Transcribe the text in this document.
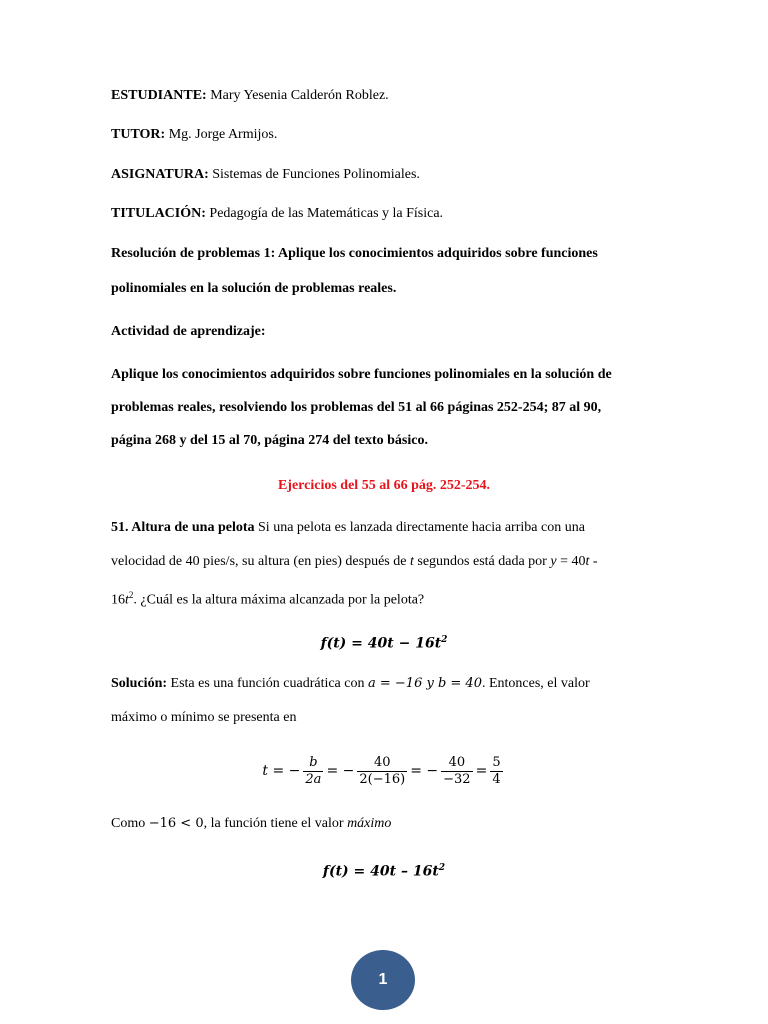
ESTUDIANTE: Mary Yesenia Calderón Roblez.
TUTOR: Mg. Jorge Armijos.
ASIGNATURA: Sistemas de Funciones Polinomiales.
TITULACIÓN: Pedagogía de las Matemáticas y la Física.
Resolución de problemas 1: Aplique los conocimientos adquiridos sobre funciones
polinomiales en la solución de problemas reales.
Actividad de aprendizaje:
Aplique los conocimientos adquiridos sobre funciones polinomiales en la solución de
problemas reales, resolviendo los problemas del 51 al 66 páginas 252-254; 87 al 90,
página 268 y del 15 al 70, página 274 del texto básico.
Ejercicios del 55 al 66 pág. 252-254.
51. Altura de una pelota Si una pelota es lanzada directamente hacia arriba con una
velocidad de 40 pies/s, su altura (en pies) después de t segundos está dada por y = 40t -
$16t^2$. ¿Cuál es la altura máxima alcanzada por la pelota?
$f(t) = 40t - 16t^2$
Solución: Esta es una función cuadrática con a = −16 y b = 40. Entonces, el valor
máximo o mínimo se presenta en
t = − $\frac{b}{2a}$ = − $\frac{40}{2(-16)}$ = − $\frac{40}{-32} = \frac{5}{4}$
Como −16 < 0, la función tiene el valor máximo
$f(t) = 40t - 16t^2$
1
